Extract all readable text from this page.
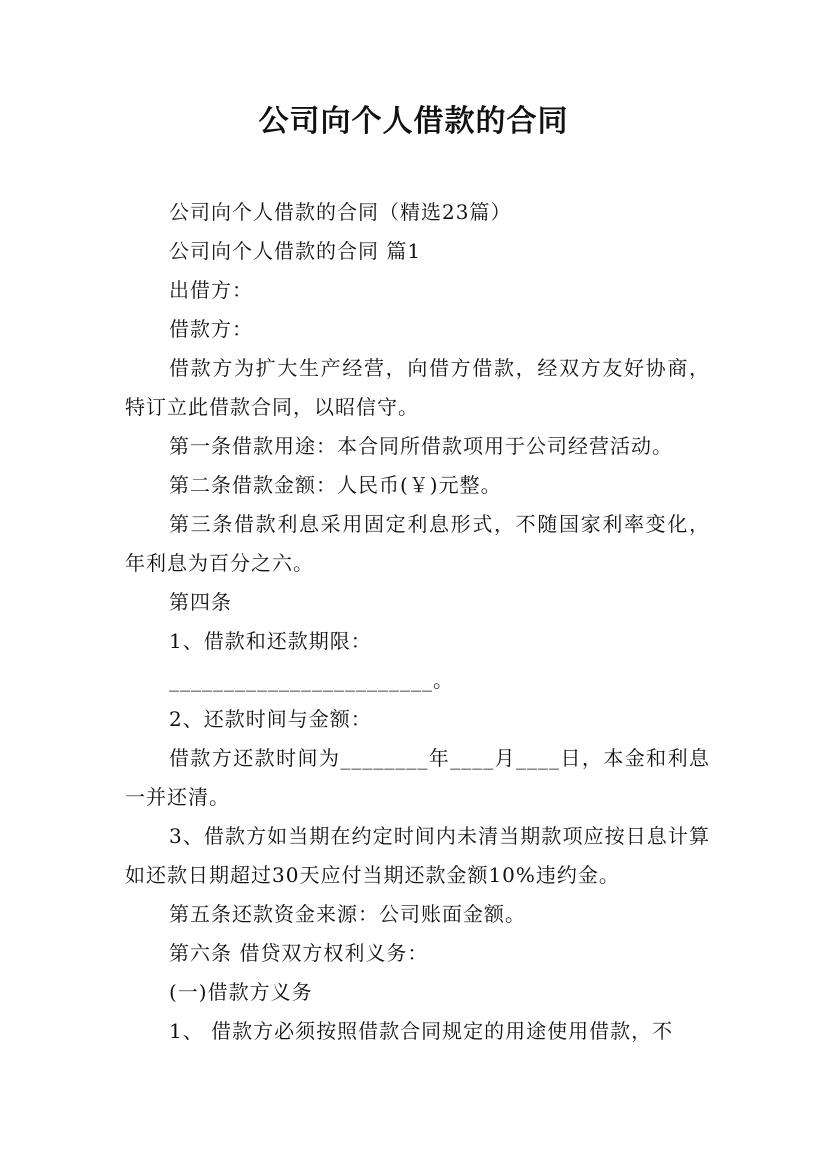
公司向个人借款的合同

公司向个人借款的合同（精选23篇）

公司向个人借款的合同 篇1

出借方：

借款方：

借款方为扩大生产经营，向借方借款，经双方友好协商，特订立此借款合同，以昭信守。

第一条借款用途：本合同所借款项用于公司经营活动。

第二条借款金额：人民币(￥)元整。

第三条借款利息采用固定利息形式，不随国家利率变化，年利息为百分之六。

第四条

1、借款和还款期限：

________________________。

2、还款时间与金额：

借款方还款时间为________年____月____日，本金和利息一并还清。

3、借款方如当期在约定时间内未清当期款项应按日息计算如还款日期超过30天应付当期还款金额10%违约金。

第五条还款资金来源：公司账面金额。

第六条 借贷双方权利义务：

(一)借款方义务

1、 借款方必须按照借款合同规定的用途使用借款，不
